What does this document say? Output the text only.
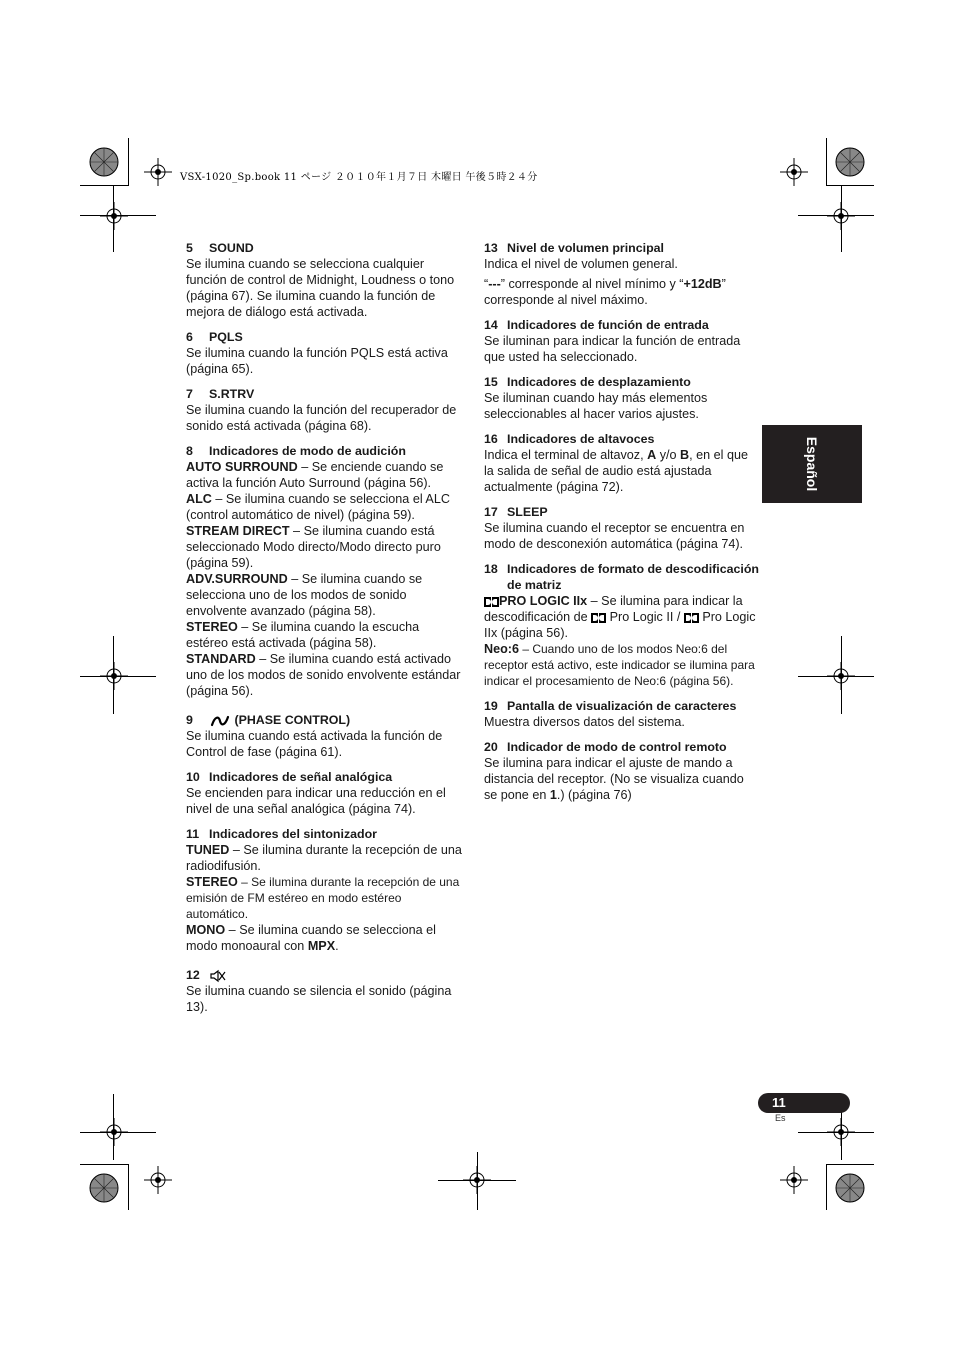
VSX-1020_Sp.book 11 ページ ２０１０年１月７日 木曜日 午後５時２４分
5	SOUND

Se ilumina cuando se selecciona cualquier función de control de Midnight, Loudness o tono (página 67). Se ilumina cuando la función de mejora de diálogo está activada.

6	PQLS

Se ilumina cuando la función PQLS está activa (página 65).

7	S.RTRV

Se ilumina cuando la función del recuperador de sonido está activada (página 68).

8	Indicadores de modo de audición

AUTO SURROUND – Se enciende cuando se activa la función Auto Surround (página 56).

ALC – Se ilumina cuando se selecciona el ALC (control automático de nivel) (página 59).

STREAM DIRECT – Se ilumina cuando está seleccionado Modo directo/Modo directo puro (página 59).

ADV.SURROUND – Se ilumina cuando se selecciona uno de los modos de sonido envolvente avanzado (página 58).

STEREO – Se ilumina cuando la escucha estéreo está activada (página 58).

STANDARD – Se ilumina cuando está activado uno de los modos de sonido envolvente estándar (página 56).

9	(PHASE CONTROL)

Se ilumina cuando está activada la función de Control de fase (página 61).

10 Indicadores de señal analógica

Se encienden para indicar una reducción en el nivel de una señal analógica (página 74).

11 Indicadores del sintonizador

TUNED – Se ilumina durante la recepción de una radiodifusión.

STEREO – Se ilumina durante la recepción de una emisión de FM estéreo en modo estéreo automático.

MONO – Se ilumina cuando se selecciona el modo monoaural con MPX.

12

Se ilumina cuando se silencia el sonido (página 13).

13 Nivel de volumen principal

Indica el nivel de volumen general.

“---” corresponde al nivel mínimo y “+12dB” corresponde al nivel máximo.

14 Indicadores de función de entrada

Se iluminan para indicar la función de entrada que usted ha seleccionado.

15 Indicadores de desplazamiento

Se iluminan cuando hay más elementos seleccionables al hacer varios ajustes.

16 Indicadores de altavoces

Indica el terminal de altavoz, A y/o B, en el que la salida de señal de audio está ajustada actualmente (página 72).

17 SLEEP

Se ilumina cuando el receptor se encuentra en modo de desconexión automática (página 74).

18 Indicadores de formato de descodificación de matriz

PRO LOGIC IIx – Se ilumina para indicar la descodificación de  Pro Logic II /  Pro Logic IIx (página 56).

Neo:6 – Cuando uno de los modos Neo:6 del receptor está activo, este indicador se ilumina para indicar el procesamiento de Neo:6 (página 56).

19 Pantalla de visualización de caracteres

Muestra diversos datos del sistema.

20 Indicador de modo de control remoto

Se ilumina para indicar el ajuste de mando a distancia del receptor. (No se visualiza cuando se pone en 1.) (página 76)

Español
11
Es
